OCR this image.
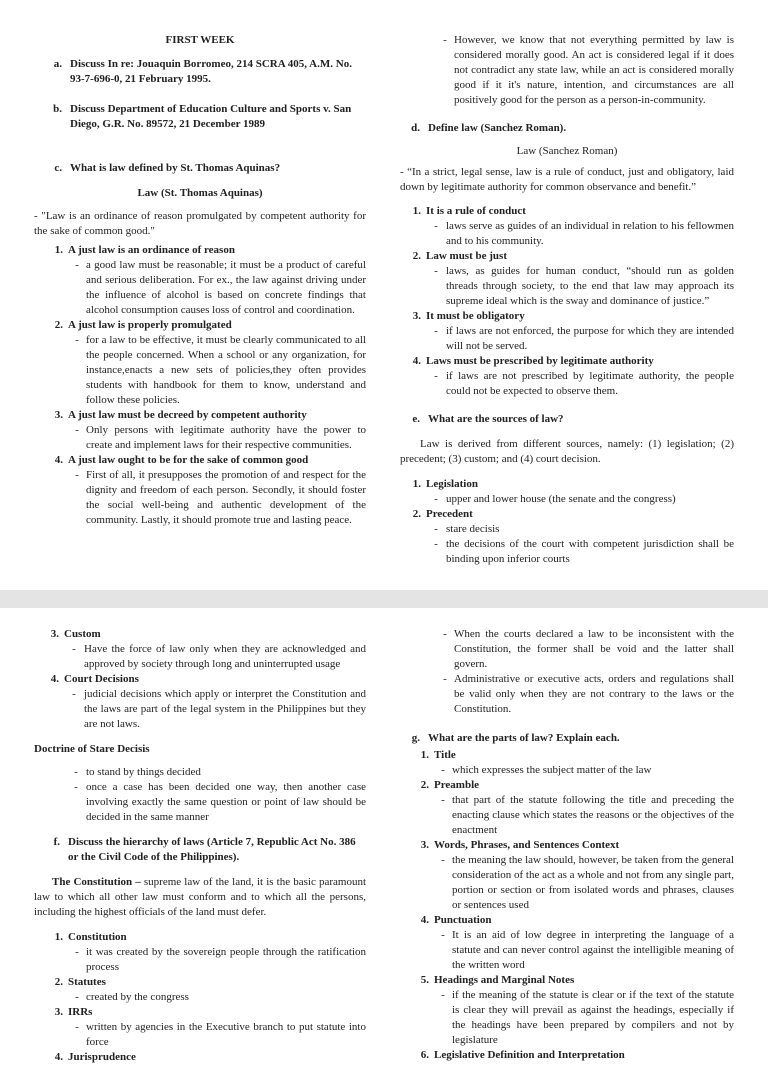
FIRST WEEK
a. Discuss In re: Jouaquin Borromeo, 214 SCRA 405, A.M. No. 93-7-696-0, 21 February 1995.
b. Discuss Department of Education Culture and Sports v. San Diego, G.R. No. 89572, 21 December 1989
c. What is law defined by St. Thomas Aquinas?
Law (St. Thomas Aquinas)
- "Law is an ordinance of reason promulgated by competent authority for the sake of common good."
1. A just law is an ordinance of reason
- a good law must be reasonable; it must be a product of careful and serious deliberation. For ex., the law against driving under the influence of alcohol is based on concrete findings that alcohol consumption causes loss of control and coordination.
2. A just law is properly promulgated
- for a law to be effective, it must be clearly communicated to all the people concerned. When a school or any organization, for instance,enacts a new sets of policies,they often provides students with handbook for them to know, understand and follow these policies.
3. A just law must be decreed by competent authority
- Only persons with legitimate authority have the power to create and implement laws for their respective communities.
4. A just law ought to be for the sake of common good
- First of all, it presupposes the promotion of and respect for the dignity and freedom of each person. Secondly, it should foster the social well-being and authentic development of the community. Lastly, it should promote true and lasting peace.
- However, we know that not everything permitted by law is considered morally good. An act is considered legal if it does not contradict any state law, while an act is considered morally good if it it's nature, intention, and circumstances are all positively good for the person as a person-in-community.
d. Define law (Sanchez Roman).
Law (Sanchez Roman)
- “In a strict, legal sense, law is a rule of conduct, just and obligatory, laid down by legitimate authority for common observance and benefit.”
1. It is a rule of conduct
- laws serve as guides of an individual in relation to his fellowmen and to his community.
2. Law must be just
- laws, as guides for human conduct, “should run as golden threads through society, to the end that law may approach its supreme ideal which is the sway and dominance of justice.”
3. It must be obligatory
- if laws are not enforced, the purpose for which they are intended will not be served.
4. Laws must be prescribed by legitimate authority
- if laws are not prescribed by legitimate authority, the people could not be expected to observe them.
e. What are the sources of law?
Law is derived from different sources, namely: (1) legislation; (2) precedent; (3) custom; and (4) court decision.
1. Legislation
- upper and lower house (the senate and the congress)
2. Precedent
- stare decisis
- the decisions of the court with competent jurisdiction shall be binding upon inferior courts
3. Custom
- Have the force of law only when they are acknowledged and approved by society through long and uninterrupted usage
4. Court Decisions
- judicial decisions which apply or interpret the Constitution and the laws are part of the legal system in the Philippines but they are not laws.
Doctrine of Stare Decisis
- to stand by things decided
- once a case has been decided one way, then another case involving exactly the same question or point of law should be decided in the same manner
f. Discuss the hierarchy of laws (Article 7, Republic Act No. 386 or the Civil Code of the Philippines).
The Constitution – supreme law of the land, it is the basic paramount law to which all other law must conform and to which all the persons, including the highest officials of the land must defer.
1. Constitution
- it was created by the sovereign people through the ratification process
2. Statutes
- created by the congress
3. IRRs
- written by agencies in the Executive branch to put statute into force
4. Jurisprudence
- When the courts declared a law to be inconsistent with the Constitution, the former shall be void and the latter shall govern.
- Administrative or executive acts, orders and regulations shall be valid only when they are not contrary to the laws or the Constitution.
g. What are the parts of law? Explain each.
1. Title
- which expresses the subject matter of the law
2. Preamble
- that part of the statute following the title and preceding the enacting clause which states the reasons or the objectives of the enactment
3. Words, Phrases, and Sentences Context
- the meaning the law should, however, be taken from the general consideration of the act as a whole and not from any single part, portion or section or from isolated words and phrases, clauses or sentences used
4. Punctuation
- It is an aid of low degree in interpreting the language of a statute and can never control against the intelligible meaning of the written word
5. Headings and Marginal Notes
- if the meaning of the statute is clear or if the text of the statute is clear they will prevail as against the headings, especially if the headings have been prepared by compilers and not by legislature
6. Legislative Definition and Interpretation
